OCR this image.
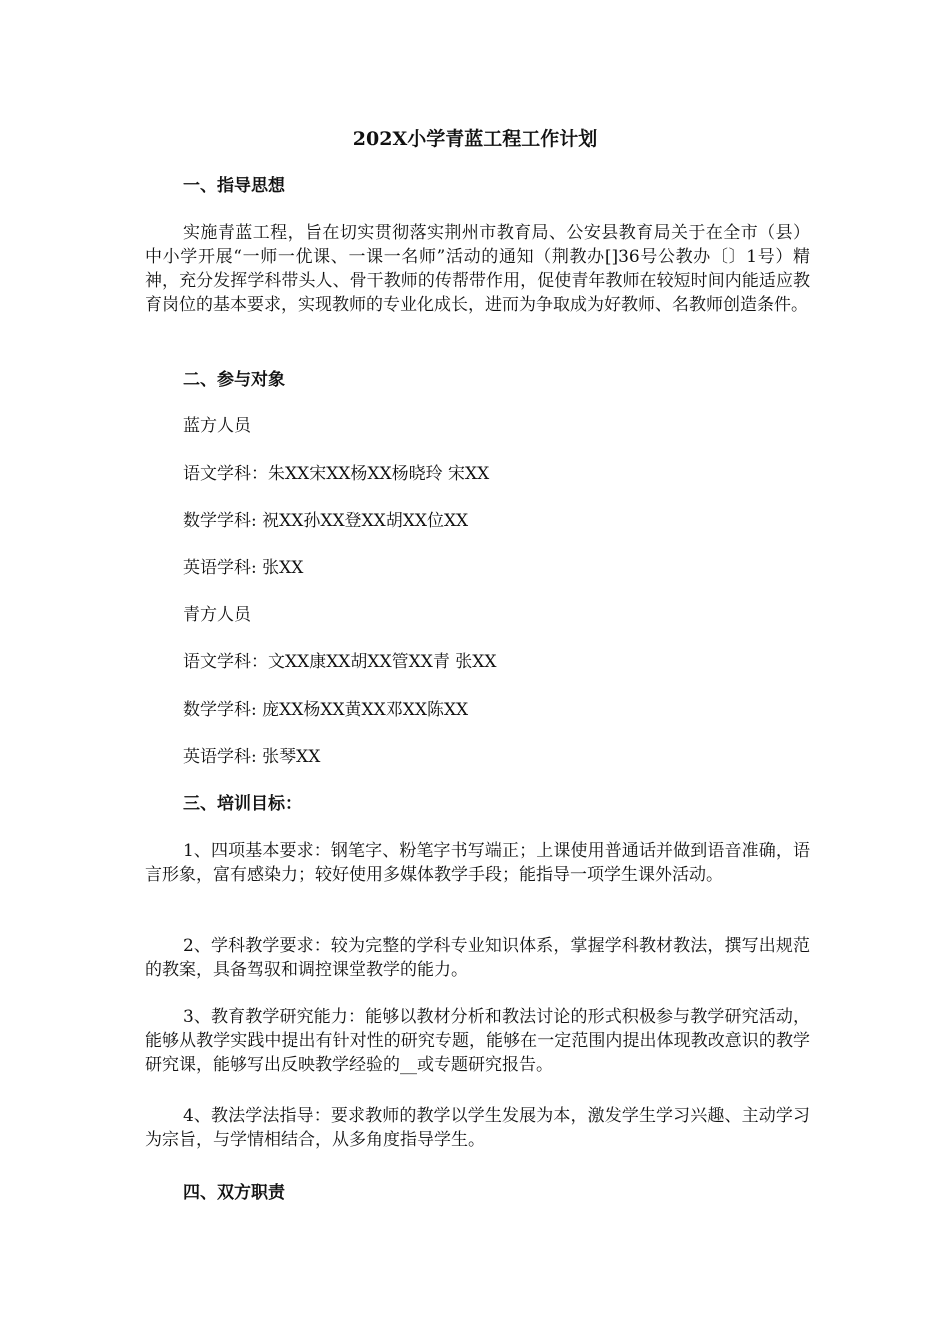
202X小学青蓝工程工作计划
一、指导思想
实施青蓝工程，旨在切实贯彻落实荆州市教育局、公安县教育局关于在全市（县）中小学开展“一师一优课、一课一名师”活动的通知（荆教办[]36号公教办〔〕1号）精神，充分发挥学科带头人、骨干教师的传帮带作用，促使青年教师在较短时间内能适应教育岗位的基本要求，实现教师的专业化成长，进而为争取成为好教师、名教师创造条件。
二、参与对象
蓝方人员
语文学科：朱XX宋XX杨XX杨晓玲 宋XX
数学学科: 祝XX孙XX登XX胡XX位XX
英语学科: 张XX
青方人员
语文学科：文XX康XX胡XX管XX青 张XX
数学学科: 庞XX杨XX黄XX邓XX陈XX
英语学科: 张琴XX
三、培训目标：
1、四项基本要求：钢笔字、粉笔字书写端正；上课使用普通话并做到语音准确，语言形象，富有感染力；较好使用多媒体教学手段；能指导一项学生课外活动。
2、学科教学要求：较为完整的学科专业知识体系，掌握学科教材教法，撰写出规范的教案，具备驾驭和调控课堂教学的能力。
3、教育教学研究能力：能够以教材分析和教法讨论的形式积极参与教学研究活动，能够从教学实践中提出有针对性的研究专题，能够在一定范围内提出体现教改意识的教学研究课，能够写出反映教学经验的__或专题研究报告。
4、教法学法指导：要求教师的教学以学生发展为本，激发学生学习兴趣、主动学习为宗旨，与学情相结合，从多角度指导学生。
四、双方职责
